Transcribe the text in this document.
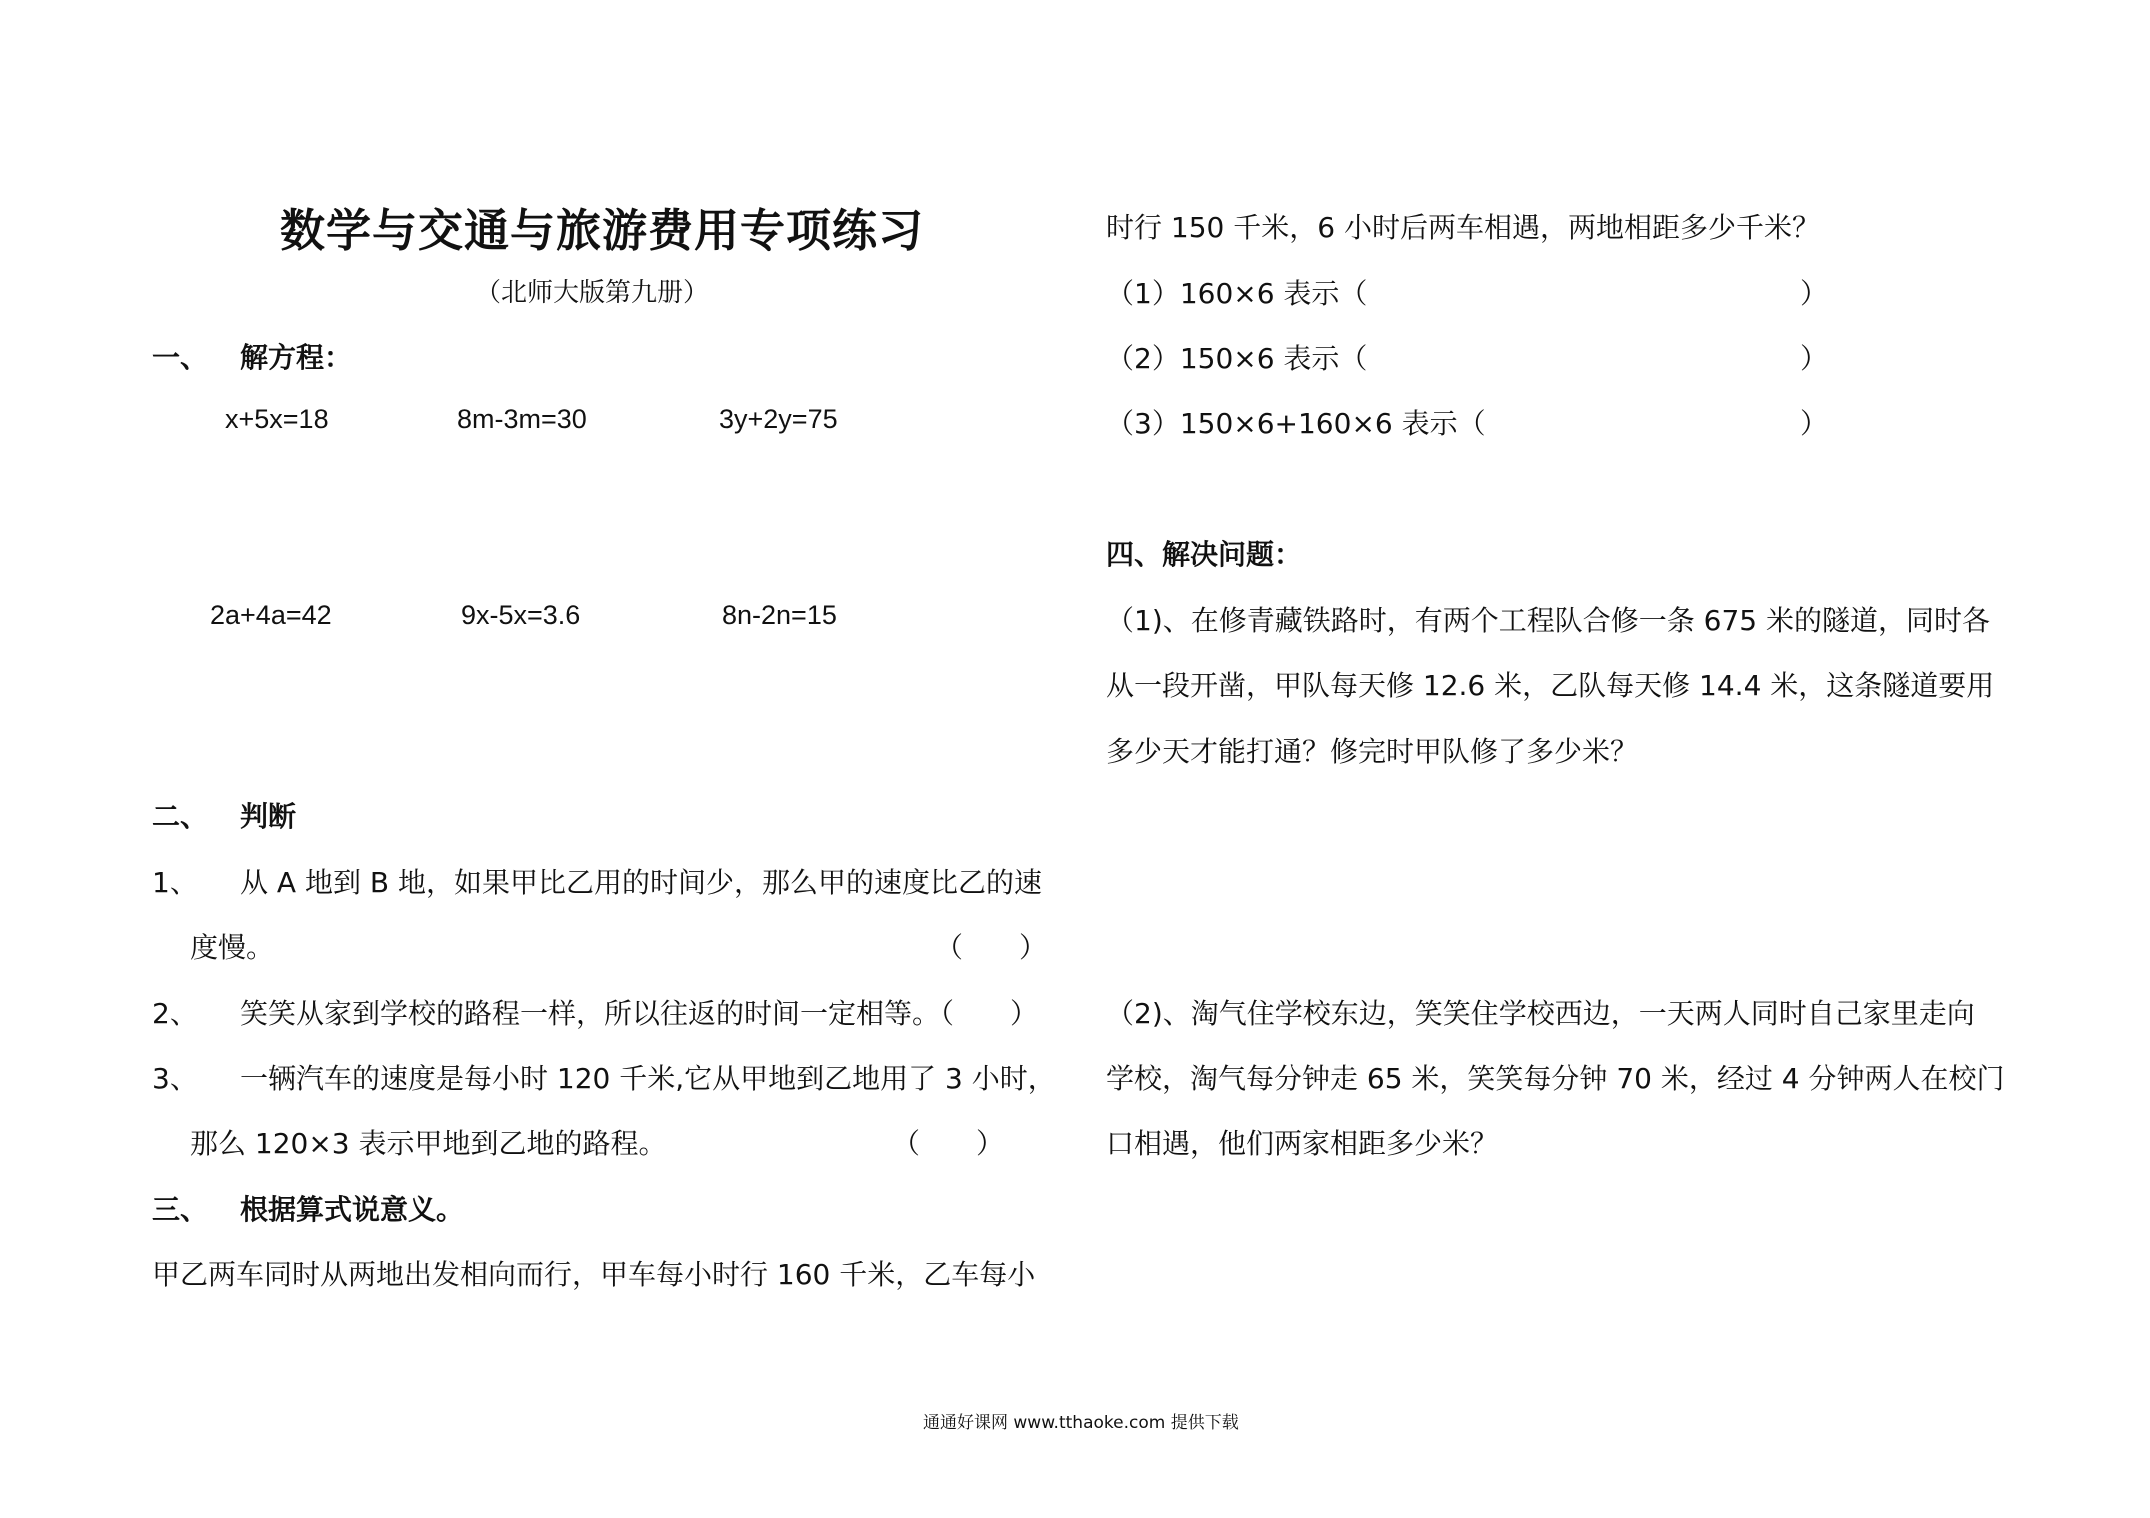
数学与交通与旅游费用专项练习
（北师大版第九册）
一、 解方程：
x+5x=18	8m-3m=30	3y+2y=75
2a+4a=42	9x-5x=3.6	8n-2n=15
二、 判断
1、 从 A 地到 B 地，如果甲比乙用的时间少，那么甲的速度比乙的速
度慢。	（　　）
2、 笑笑从家到学校的路程一样，所以往返的时间一定相等。（　　）
3、 一辆汽车的速度是每小时 120 千米,它从甲地到乙地用了 3 小时，
那么 120×3 表示甲地到乙地的路程。	（　　）
三、 根据算式说意义。
甲乙两车同时从两地出发相向而行，甲车每小时行 160 千米，乙车每小
时行 150 千米，6 小时后两车相遇，两地相距多少千米？
（1）160×6 表示（	）
（2）150×6 表示（	）
（3）150×6+160×6 表示（	）
四、解决问题：
（1)、在修青藏铁路时，有两个工程队合修一条 675 米的隧道，同时各
从一段开凿，甲队每天修 12.6 米，乙队每天修 14.4 米，这条隧道要用
多少天才能打通？修完时甲队修了多少米？
（2)、淘气住学校东边，笑笑住学校西边，一天两人同时自己家里走向
学校，淘气每分钟走 65 米，笑笑每分钟 70 米，经过 4 分钟两人在校门
口相遇，他们两家相距多少米？
通通好课网 www.tthaoke.com 提供下载
